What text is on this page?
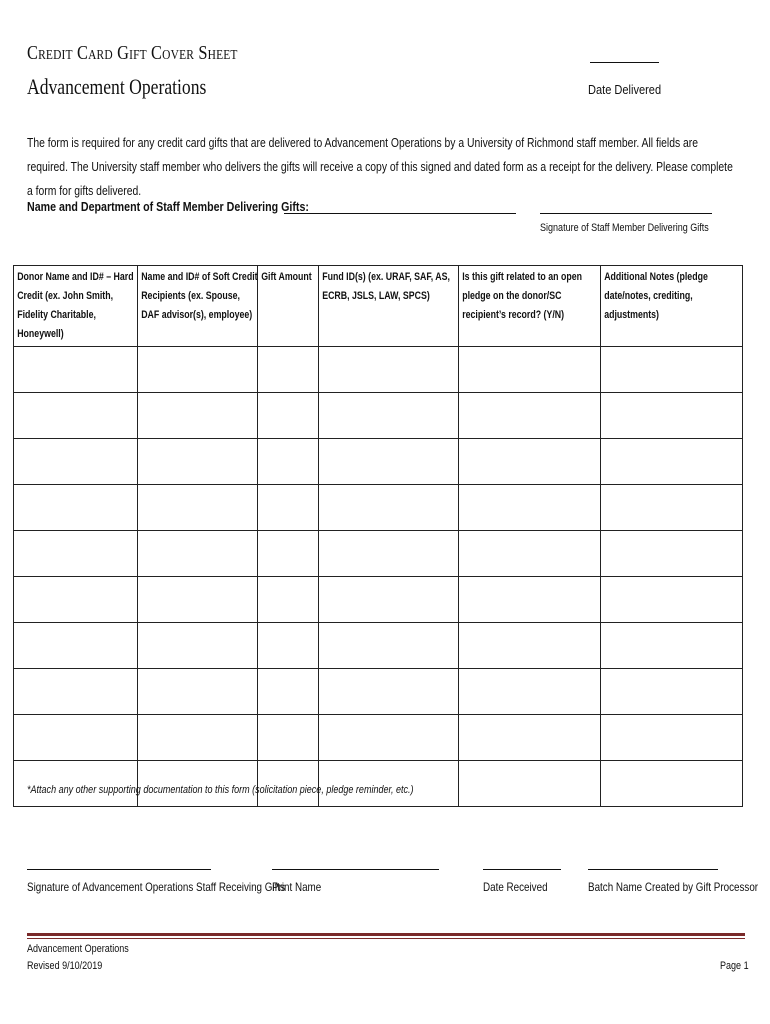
Credit Card Gift Cover Sheet
Advancement Operations	Date Delivered
The form is required for any credit card gifts that are delivered to Advancement Operations by a University of Richmond staff member. All fields are required. The University staff member who delivers the gifts will receive a copy of this signed and dated form as a receipt for the delivery. Please complete a form for gifts delivered.
Name and Department of Staff Member Delivering Gifts:
Signature of Staff Member Delivering Gifts
Donor Name and ID# – Hard Credit (ex. John Smith, Fidelity Charitable, Honeywell)	Name and ID# of Soft Credit Recipients (ex. Spouse, DAF advisor(s), employee)	Gift Amount	Fund ID(s) (ex. URAF, SAF, AS, ECRB, JSLS, LAW, SPCS)	Is this gift related to an open pledge on the donor/SC recipient’s record? (Y/N)	Additional Notes (pledge date/notes, crediting, adjustments)

*Attach any other supporting documentation to this form (solicitation piece, pledge reminder, etc.)
Signature of Advancement Operations Staff Receiving Gifts
Print Name	Date Received	Batch Name Created by Gift Processor
Advancement Operations
Revised 9/10/2019	Page 1
